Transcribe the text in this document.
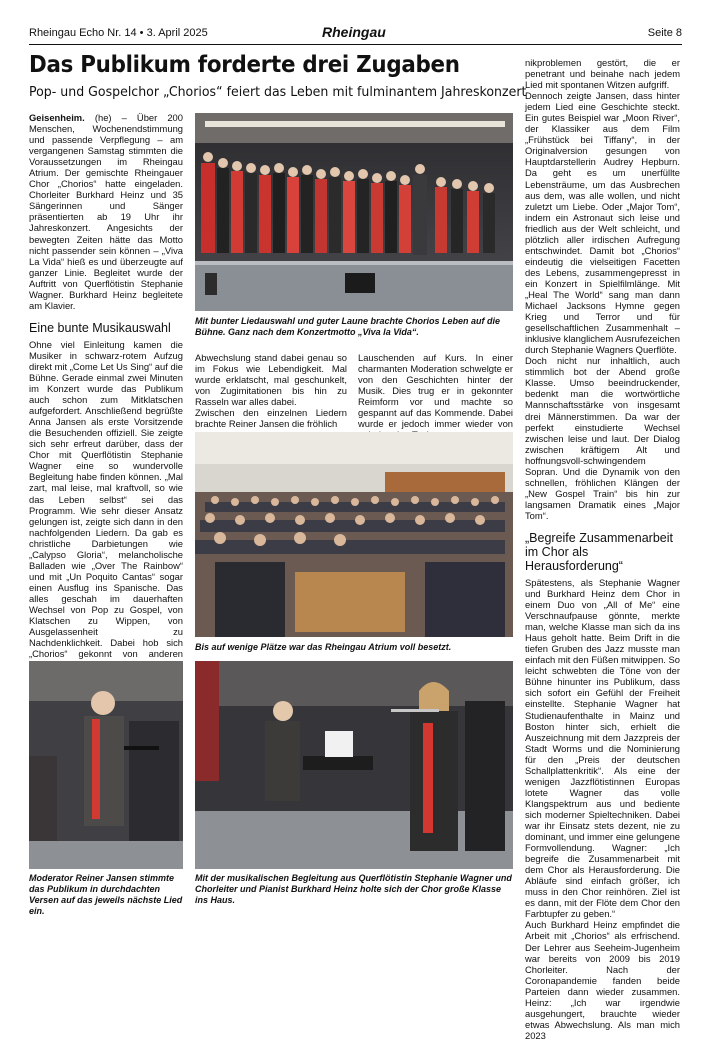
Rheingau Echo Nr. 14 • 3. April 2025	Rheingau	Seite 8
Das Publikum forderte drei Zugaben
Pop- und Gospelchor „Chorios“ feiert das Leben mit fulminantem Jahreskonzert

Geisenheim. (he) – Über 200 Menschen, Wochenendstimmung und passende Verpflegung – am vergangenen Samstag stimmten die Voraussetzungen im Rheingau Atrium. Der gemischte Rheingauer Chor „Chorios“ hatte eingeladen. Chorleiter Burkhard Heinz und 35 Sängerinnen und Sänger präsentierten ab 19 Uhr ihr Jahreskonzert. Angesichts der bewegten Zeiten hätte das Motto nicht passender sein können – „Viva La Vida“ hieß es und überzeugte auf ganzer Linie. Begleitet wurde der Auftritt von Querflötistin Stephanie Wagner. Burkhard Heinz begleitete am Klavier.

Eine bunte Musikauswahl

Ohne viel Einleitung kamen die Musiker in schwarz-rotem Aufzug direkt mit „Come Let Us Sing“ auf die Bühne. Gerade einmal zwei Minuten im Konzert wurde das Publikum auch schon zum Mitklatschen aufgefordert. Anschließend begrüßte Anna Jansen als erste Vorsitzende die Besuchenden offiziell. Sie zeigte sich sehr erfreut darüber, dass der Chor mit Querflötistin Stephanie Wagner eine so wundervolle Begleitung habe finden können. „Mal zart, mal leise, mal kraftvoll, so wie das Leben selbst“ sei das Programm. Wie sehr dieser Ansatz gelungen ist, zeigte sich dann in den nachfolgenden Liedern. Da gab es christliche Darbietungen wie „Calypso Gloria“, melancholische Balladen wie „Over The Rainbow“ und mit „Un Poquito Cantas“ sogar einen Ausflug ins Spanische. Das alles geschah im dauerhaften Wechsel von Pop zu Gospel, von Klatschen zu Wippen, von Ausgelassenheit zu Nachdenklichkeit. Dabei hob sich „Chorios“ gekonnt von anderen

Mit bunter Liedauswahl und guter Laune brachte Chorios Leben auf die Bühne. Ganz nach dem Konzertmotto „Viva la Vida“.

Abwechslung stand dabei genau so im Fokus wie Lebendigkeit. Mal wurde erklatscht, mal geschunkelt, von Zugimitationen bis hin zu Rasseln war alles dabei.

Zwischen den einzelnen Liedern brachte Reiner Jansen die fröhlich

Lauschenden auf Kurs. In einer charmanten Moderation schwelgte er von den Geschichten hinter der Musik. Dies trug er in gekonnter Reimform vor und machte so gespannt auf das Kommende. Dabei wurde er jedoch immer wieder von

Bis auf wenige Plätze war das Rheingau Atrium voll besetzt.
Moderator Reiner Jansen stimmte das Publikum in durchdachten Versen auf das jeweils nächste Lied ein.
Mit der musikalischen Begleitung aus Querflötistin Stephanie Wagner und Chorleiter und Pianist Burkhard Heinz holte sich der Chor große Klasse ins Haus.

nikproblemen gestört, die er penetrant und beinahe nach jedem Lied mit spontanen Witzen aufgriff.

Dennoch zeigte Jansen, dass hinter jedem Lied eine Geschichte steckt. Ein gutes Beispiel war „Moon River“, der Klassiker aus dem Film „Frühstück bei Tiffany“, in der Originalversion gesungen von Hauptdarstellerin Audrey Hepburn. Da geht es um unerfüllte Lebensträume, um das Ausbrechen aus dem, was alle wollen, und nicht zuletzt um Liebe. Oder „Major Tom“, indem ein Astronaut sich leise und friedlich aus der Welt schleicht, und plötzlich aller irdischen Aufregung entschwindet. Damit bot „Chorios“ eindeutig die vielseitigen Facetten des Lebens, zusammengepresst in ein Konzert in Spielfilmlänge. Mit „Heal The World“ sang man dann Michael Jacksons Hymne gegen Krieg und Terror und für gesellschaftlichen Zusammenhalt – inklusive klanglichem Ausrufezeichen durch Stephanie Wagners Querflöte.

Doch nicht nur inhaltlich, auch stimmlich bot der Abend große Klasse. Umso beeindruckender, bedenkt man die wortwörtliche Mannschaftsstärke von insgesamt drei Männerstimmen. Da war der perfekt einstudierte Wechsel zwischen leise und laut. Der Dialog zwischen kräftigem Alt und hoffnungsvoll-schwingendem Sopran. Und die Dynamik von den schnellen, fröhlichen Klängen der „New Gospel Train“ bis hin zur langsamen Dramatik eines „Major Tom“.

„Begreife Zusammenarbeit im Chor als Herausforderung“

Spätestens, als Stephanie Wagner und Burkhard Heinz dem Chor in einem Duo von „All of Me“ eine Verschnaufpause gönnte, merkte man, welche Klasse man sich da ins Haus geholt hatte. Beim Drift in die tiefen Gruben des Jazz musste man einfach mit den Füßen mitwippen. So leicht schwebten die Töne von der Bühne hinunter ins Publikum, dass sich sofort ein Gefühl der Freiheit einstellte. Stephanie Wagner hat Studienaufenthalte in Mainz und Boston hinter sich, erhielt die Auszeichnung mit dem Jazzpreis der Stadt Worms und die Nominierung für den „Preis der deutschen Schallplattenkritik“. Als eine der wenigen Jazzflötistinnen Europas lotete Wagner das volle Klangspektrum aus und bediente sich moderner Spieltechniken. Dabei war ihr Einsatz stets dezent, nie zu dominant, und immer eine gelungene Formvollendung. Wagner: „Ich begreife die Zusammenarbeit mit dem Chor als Herausforderung. Die Abläufe sind einfach größer, ich muss in den Chor reinhören. Ziel ist es dann, mit der Flöte dem Chor den Farbtupfer zu geben.“

Auch Burkhard Heinz empfindet die Arbeit mit „Chorios“ als erfrischend. Der Lehrer aus Seeheim-Jugenheim war bereits von 2009 bis 2019 Chorleiter. Nach der Coronapandemie fanden beide Parteien dann wieder zusammen. Heinz: „Ich war irgendwie ausgehungert, brauchte wieder etwas Abwechslung. Als man mich 2023
